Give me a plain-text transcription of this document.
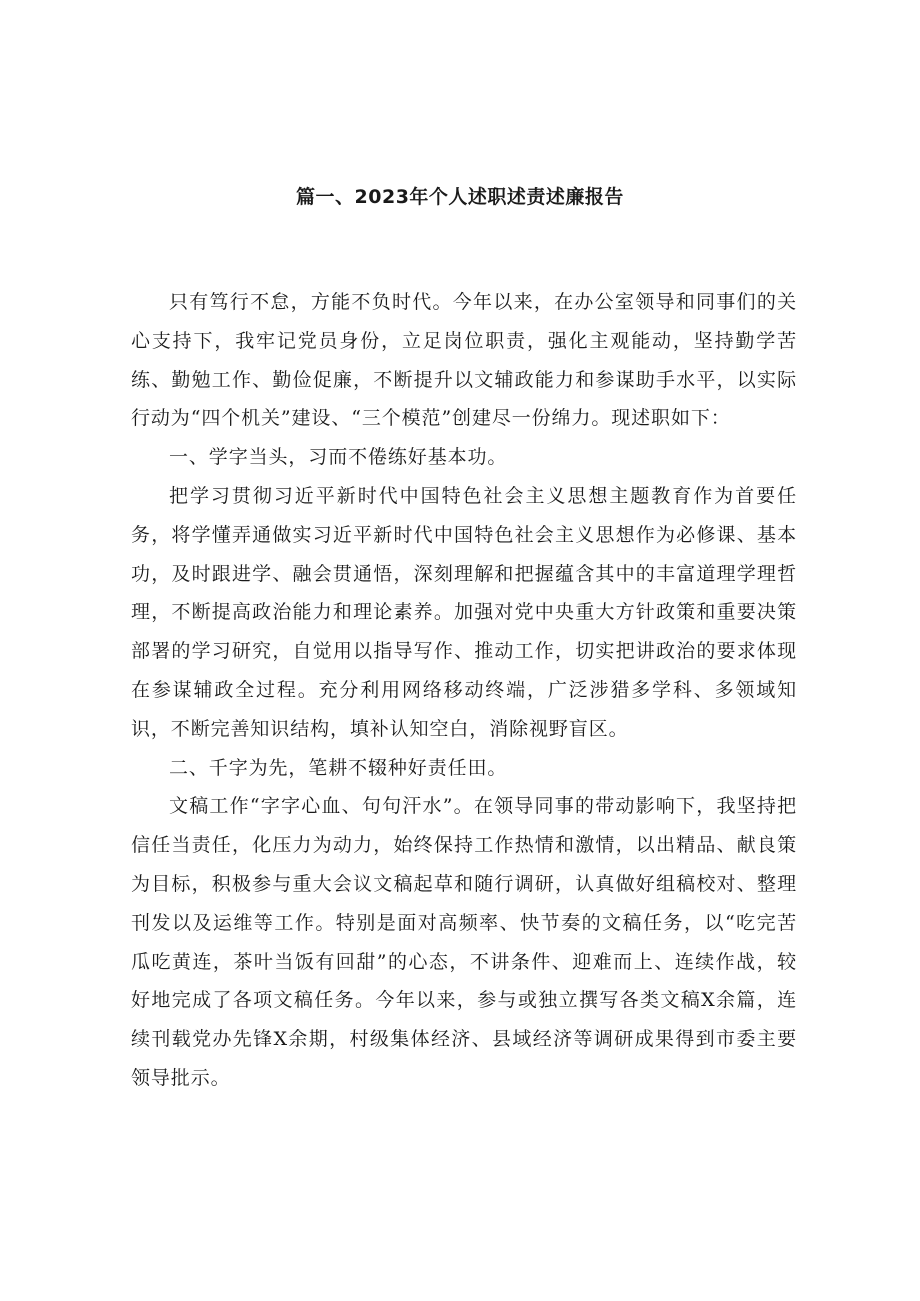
篇一、2023年个人述职述责述廉报告

只有笃行不怠，方能不负时代。今年以来，在办公室领导和同事们的关心支持下，我牢记党员身份，立足岗位职责，强化主观能动，坚持勤学苦练、勤勉工作、勤俭促廉，不断提升以文辅政能力和参谋助手水平，以实际行动为“四个机关”建设、“三个模范”创建尽一份绵力。现述职如下：

一、学字当头，习而不倦练好基本功。

把学习贯彻习近平新时代中国特色社会主义思想主题教育作为首要任务，将学懂弄通做实习近平新时代中国特色社会主义思想作为必修课、基本功，及时跟进学、融会贯通悟，深刻理解和把握蕴含其中的丰富道理学理哲理，不断提高政治能力和理论素养。加强对党中央重大方针政策和重要决策部署的学习研究，自觉用以指导写作、推动工作，切实把讲政治的要求体现在参谋辅政全过程。充分利用网络移动终端，广泛涉猎多学科、多领域知识，不断完善知识结构，填补认知空白，消除视野盲区。

二、千字为先，笔耕不辍种好责任田。

文稿工作“字字心血、句句汗水”。在领导同事的带动影响下，我坚持把信任当责任，化压力为动力，始终保持工作热情和激情，以出精品、献良策为目标，积极参与重大会议文稿起草和随行调研，认真做好组稿校对、整理刊发以及运维等工作。特别是面对高频率、快节奏的文稿任务，以“吃完苦瓜吃黄连，茶叶当饭有回甜”的心态，不讲条件、迎难而上、连续作战，较好地完成了各项文稿任务。今年以来，参与或独立撰写各类文稿X余篇，连续刊载党办先锋X余期，村级集体经济、县域经济等调研成果得到市委主要领导批示。
